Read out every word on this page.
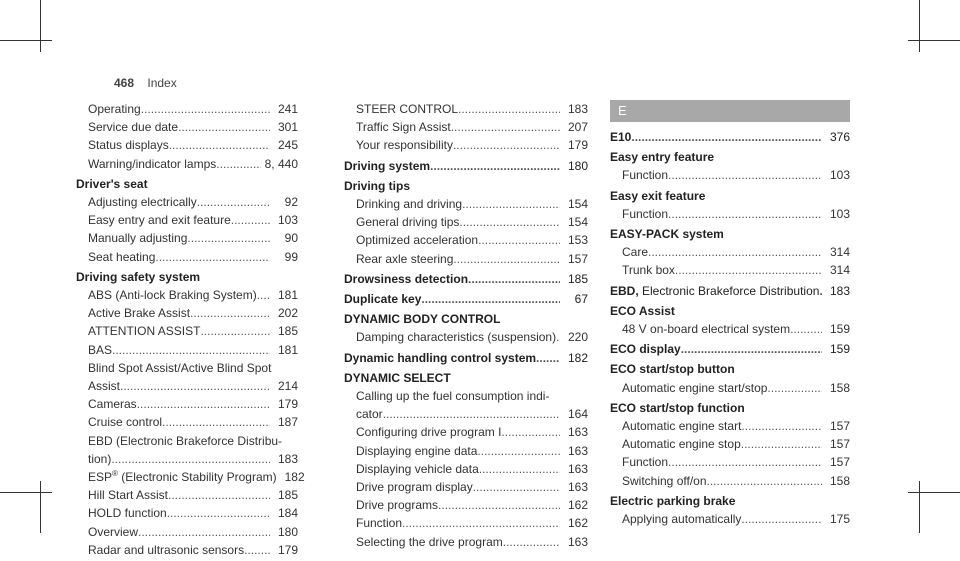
468 Index
Operating .....	241
Service due date .....	301
Status displays .....	245
Warning/indicator lamps .....	8, 440
Driver's seat
Adjusting electrically .....	92
Easy entry and exit feature .....	103
Manually adjusting .....	90
Seat heating .....	99
Driving safety system
ABS (Anti-lock Braking System) .....	181
Active Brake Assist .....	202
ATTENTION ASSIST .....	185
BAS .....	181
Blind Spot Assist/Active Blind Spot
Assist .....	214
Cameras .....	179
Cruise control .....	187
EBD (Electronic Brakeforce Distribu-
tion) .....	183
ESP® (Electronic Stability Program) 182
Hill Start Assist .....	185
HOLD function .....	184
Overview .....	180
Radar and ultrasonic sensors .....	179
STEER CONTROL .....	183
Traffic Sign Assist .....	207
Your responsibility .....	179
Driving system .....	180
Driving tips
Drinking and driving .....	154
General driving tips .....	154
Optimized acceleration .....	153
Rear axle steering .....	157
Drowsiness detection .....	185
Duplicate key .....	67
DYNAMIC BODY CONTROL
Damping characteristics (suspension) ..... 220
Dynamic handling control system .....	182
DYNAMIC SELECT
Calling up the fuel consumption indi-
cator .....	164
Configuring drive program I .....	163
Displaying engine data .....	163
Displaying vehicle data .....	163
Drive program display .....	163
Drive programs .....	162
Function .....	162
Selecting the drive program .....	163
E
E10 .....	376
Easy entry feature
Function .....	103
Easy exit feature
Function .....	103
EASY-PACK system
Care .....	314
Trunk box .....	314
EBD, Electronic Brakeforce Distribution ..... 183
ECO Assist
48 V on-board electrical system .....	159
ECO display .....	159
ECO start/stop button
Automatic engine start/stop .....	158
ECO start/stop function
Automatic engine start .....	157
Automatic engine stop .....	157
Function .....	157
Switching off/on .....	158
Electric parking brake
Applying automatically .....	175
